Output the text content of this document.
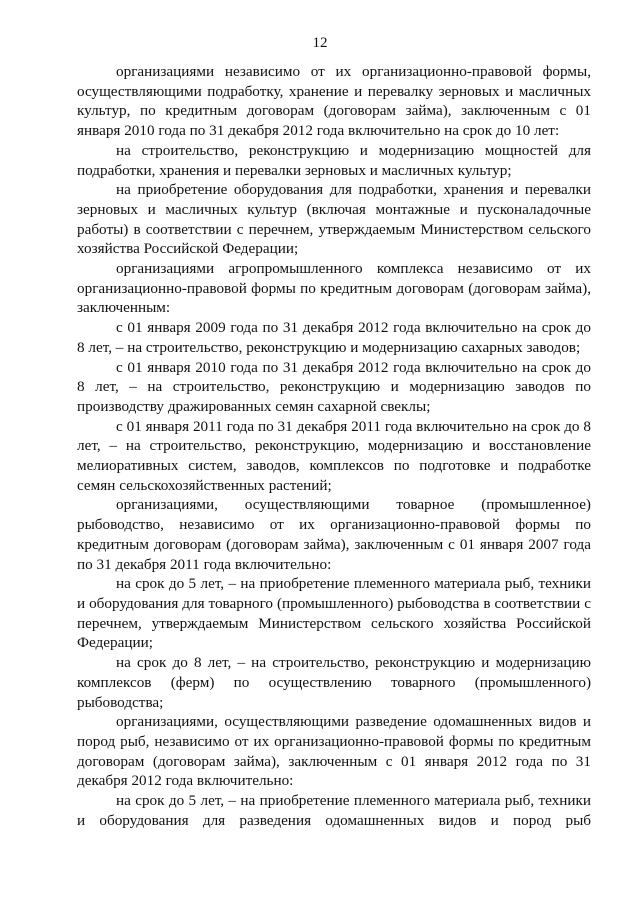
12

организациями независимо от их организационно-правовой формы, осуществляющими подработку, хранение и перевалку зерновых и масличных культур, по кредитным договорам (договорам займа), заключенным с 01 января 2010 года по 31 декабря 2012 года включительно на срок до 10 лет:

на строительство, реконструкцию и модернизацию мощностей для подработки, хранения и перевалки зерновых и масличных культур;

на приобретение оборудования для подработки, хранения и перевалки зерновых и масличных культур (включая монтажные и пусконаладочные работы) в соответствии с перечнем, утверждаемым Министерством сельского хозяйства Российской Федерации;

организациями агропромышленного комплекса независимо от их организационно-правовой формы по кредитным договорам (договорам займа), заключенным:

с 01 января 2009 года по 31 декабря 2012 года включительно на срок до 8 лет, – на строительство, реконструкцию и модернизацию сахарных заводов;

с 01 января 2010 года по 31 декабря 2012 года включительно на срок до 8 лет, – на строительство, реконструкцию и модернизацию заводов по производству дражированных семян сахарной свеклы;

с 01 января 2011 года по 31 декабря 2011 года включительно на срок до 8 лет, – на строительство, реконструкцию, модернизацию и восстановление мелиоративных систем, заводов, комплексов по подготовке и подработке семян сельскохозяйственных растений;

организациями, осуществляющими товарное (промышленное) рыбоводство, независимо от их организационно-правовой формы по кредитным договорам (договорам займа), заключенным с 01 января 2007 года по 31 декабря 2011 года включительно:

на срок до 5 лет, – на приобретение племенного материала рыб, техники и оборудования для товарного (промышленного) рыбоводства в соответствии с перечнем, утверждаемым Министерством сельского хозяйства Российской Федерации;

на срок до 8 лет, – на строительство, реконструкцию и модернизацию комплексов (ферм) по осуществлению товарного (промышленного) рыбоводства;

организациями, осуществляющими разведение одомашненных видов и пород рыб, независимо от их организационно-правовой формы по кредитным договорам (договорам займа), заключенным с 01 января 2012 года по 31 декабря 2012 года включительно:

на срок до 5 лет, – на приобретение племенного материала рыб, техники и оборудования для разведения одомашненных видов и пород рыб
